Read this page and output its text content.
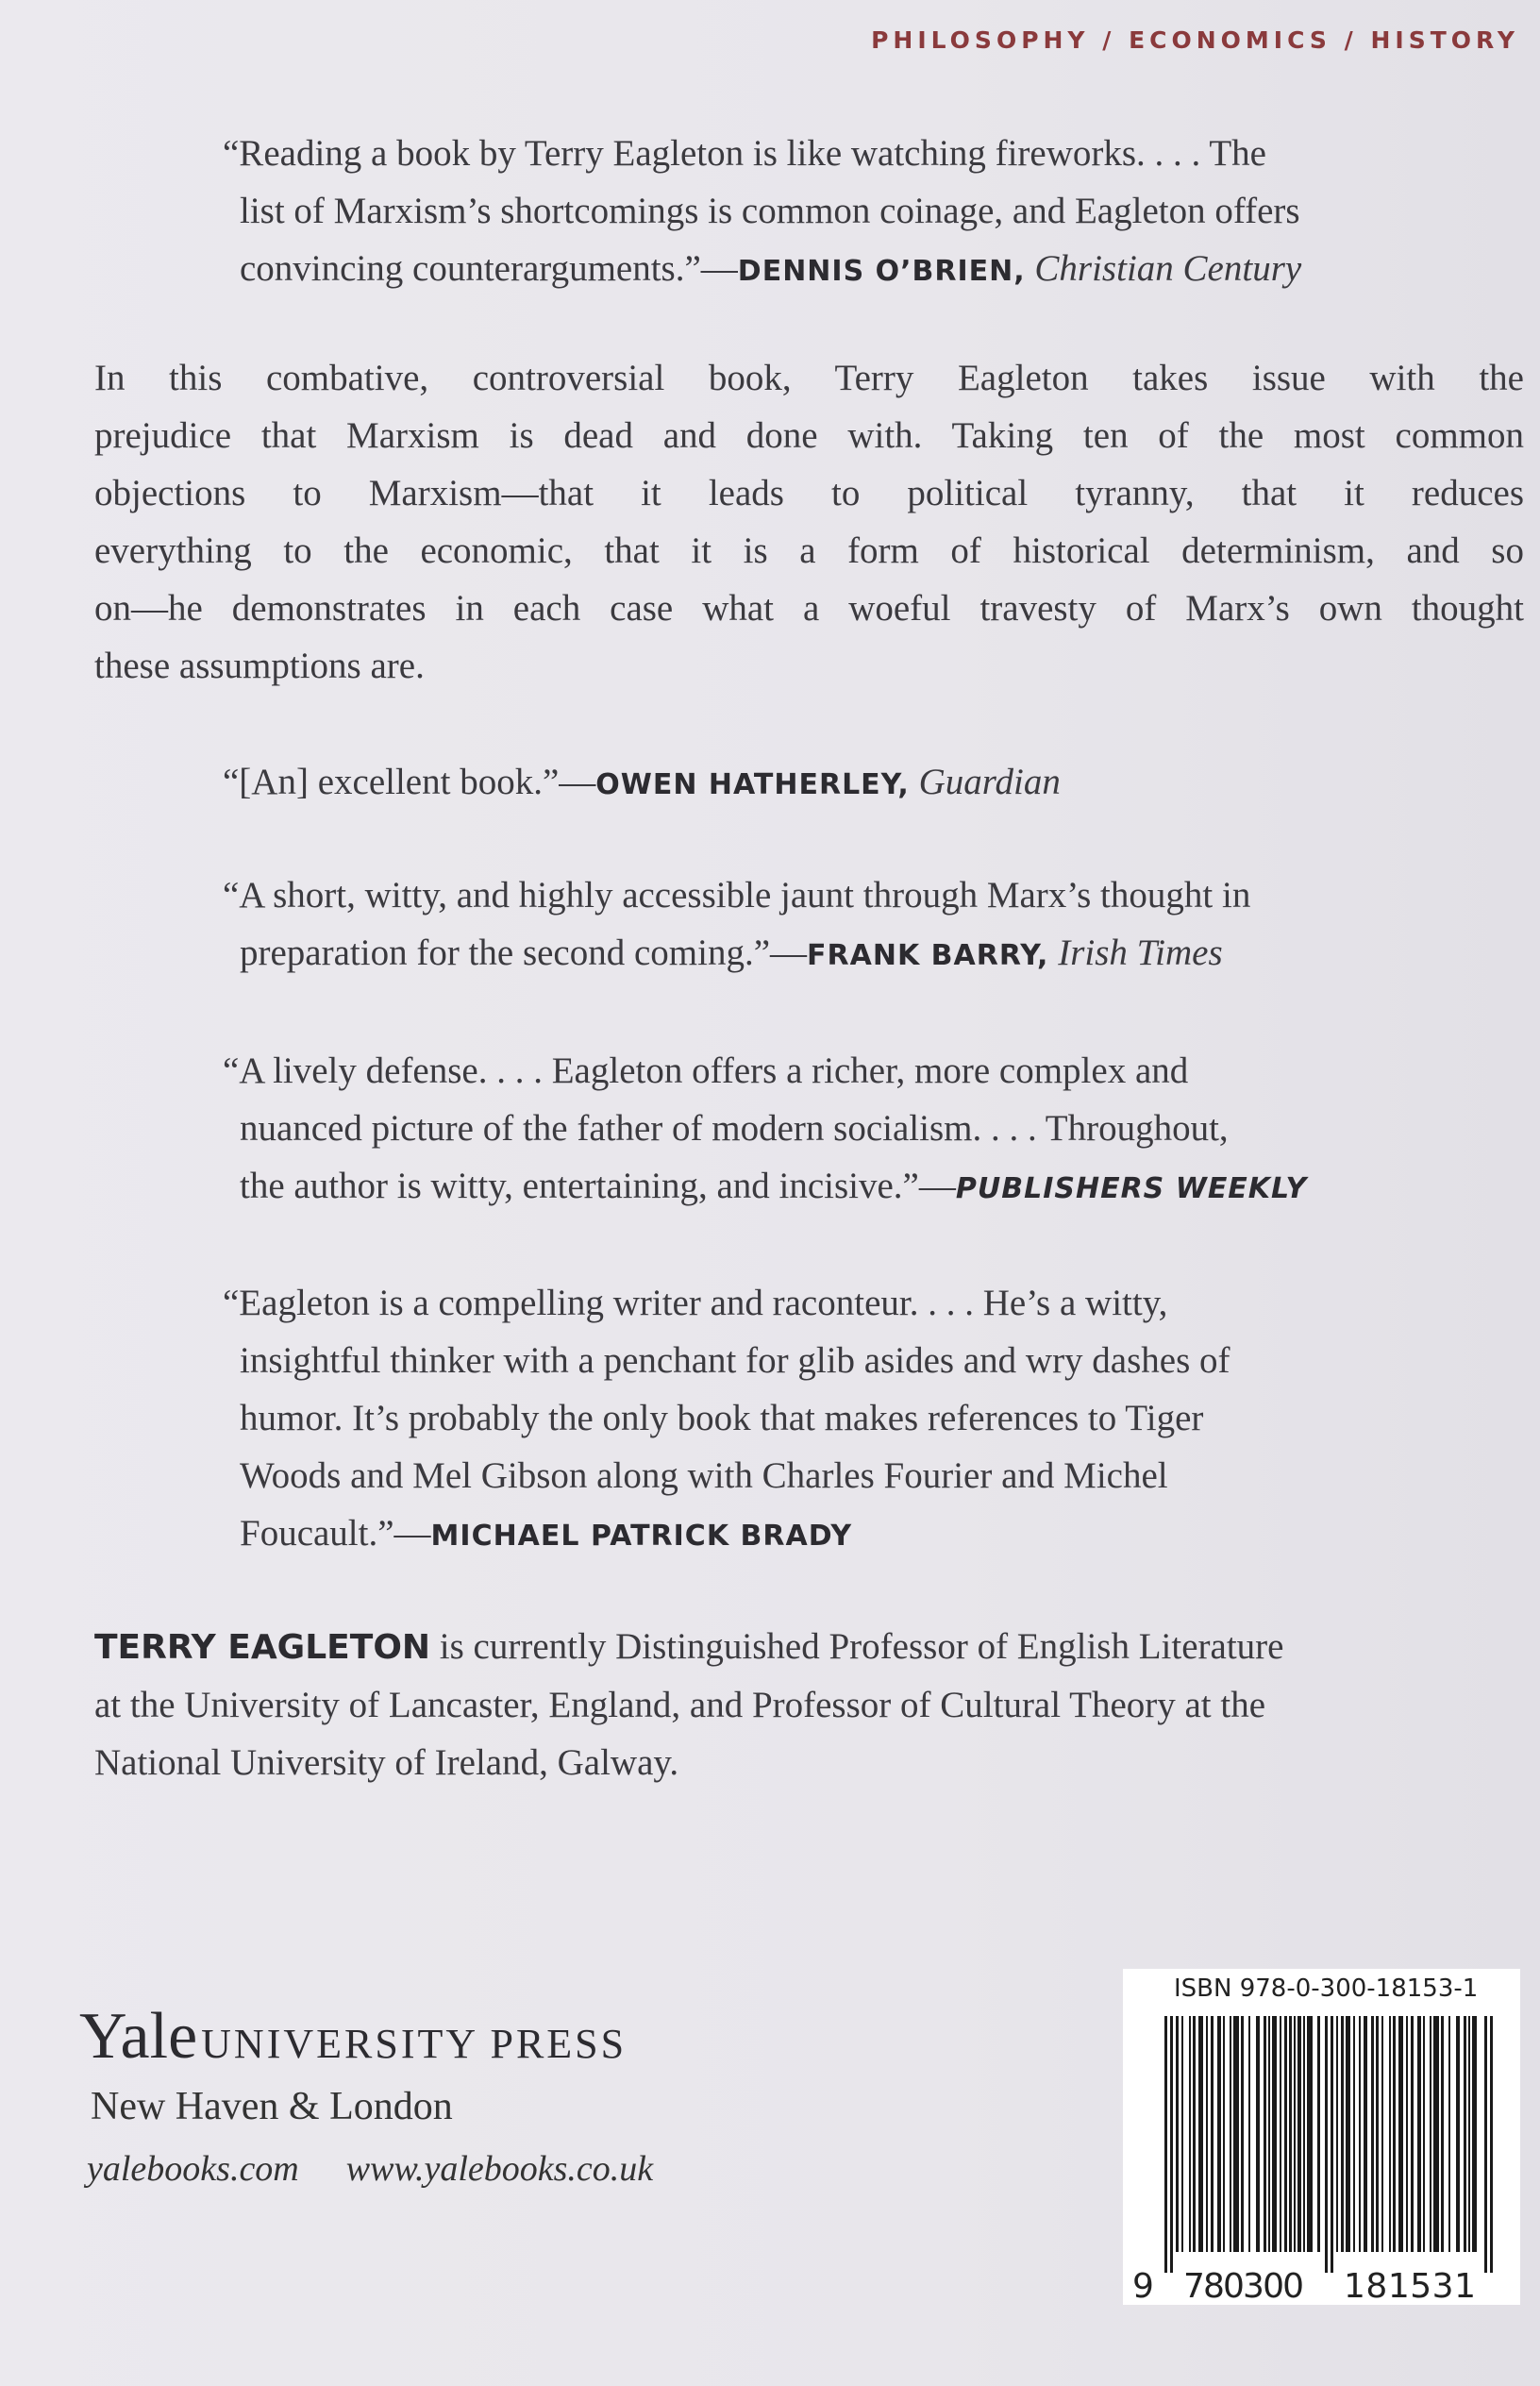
PHILOSOPHY / ECONOMICS / HISTORY
“Reading a book by Terry Eagleton is like watching fireworks. . . . The
list of Marxism’s shortcomings is common coinage, and Eagleton offers
convincing counterarguments.”—DENNIS O’BRIEN, Christian Century
In this combative, controversial book, Terry Eagleton takes issue with the
prejudice that Marxism is dead and done with. Taking ten of the most common
objections to Marxism—that it leads to political tyranny, that it reduces
everything to the economic, that it is a form of historical determinism, and so
on—he demonstrates in each case what a woeful travesty of Marx’s own thought
these assumptions are.
“[An] excellent book.”—OWEN HATHERLEY, Guardian
“A short, witty, and highly accessible jaunt through Marx’s thought in
preparation for the second coming.”—FRANK BARRY, Irish Times
“A lively defense. . . . Eagleton offers a richer, more complex and
nuanced picture of the father of modern socialism. . . . Throughout,
the author is witty, entertaining, and incisive.”—PUBLISHERS WEEKLY
“Eagleton is a compelling writer and raconteur. . . . He’s a witty,
insightful thinker with a penchant for glib asides and wry dashes of
humor. It’s probably the only book that makes references to Tiger
Woods and Mel Gibson along with Charles Fourier and Michel
Foucault.”—MICHAEL PATRICK BRADY
TERRY EAGLETON is currently Distinguished Professor of English Literature
at the University of Lancaster, England, and Professor of Cultural Theory at the
National University of Ireland, Galway.
Yale UNIVERSITY PRESS
New Haven & London
yalebooks.com www.yalebooks.co.uk
ISBN 978-0-300-18153-1
9 780300 181531
